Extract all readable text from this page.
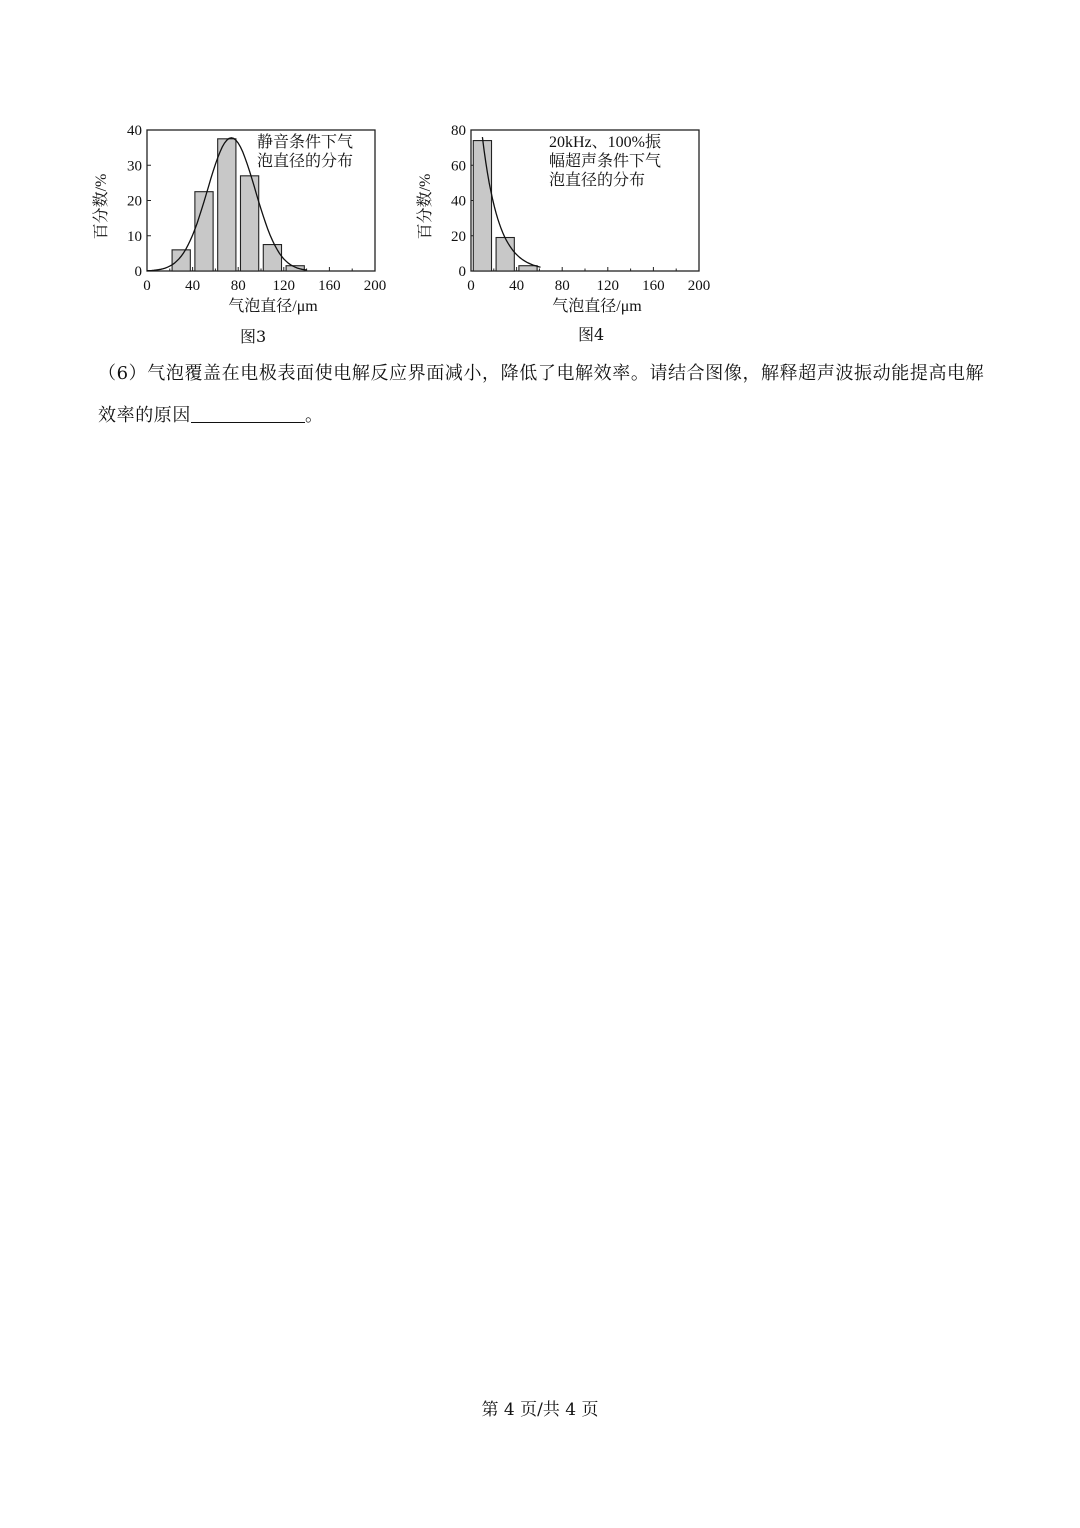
0 40 80 120 160 200
0
10
20
30
40
气泡直径/μm
百分数/%
静音条件下气
泡直径的分布
图3
0 40 80 120 160 200
0
20
40
60
80
气泡直径/μm
百分数/%
20kHz、100%振
幅超声条件下气
泡直径的分布
图4
（6）气泡覆盖在电极表面使电解反应界面减小，降低了电解效率。请结合图像，解释超声波振动能提高电解效率的原因	。
第 4 页/共 4 页
